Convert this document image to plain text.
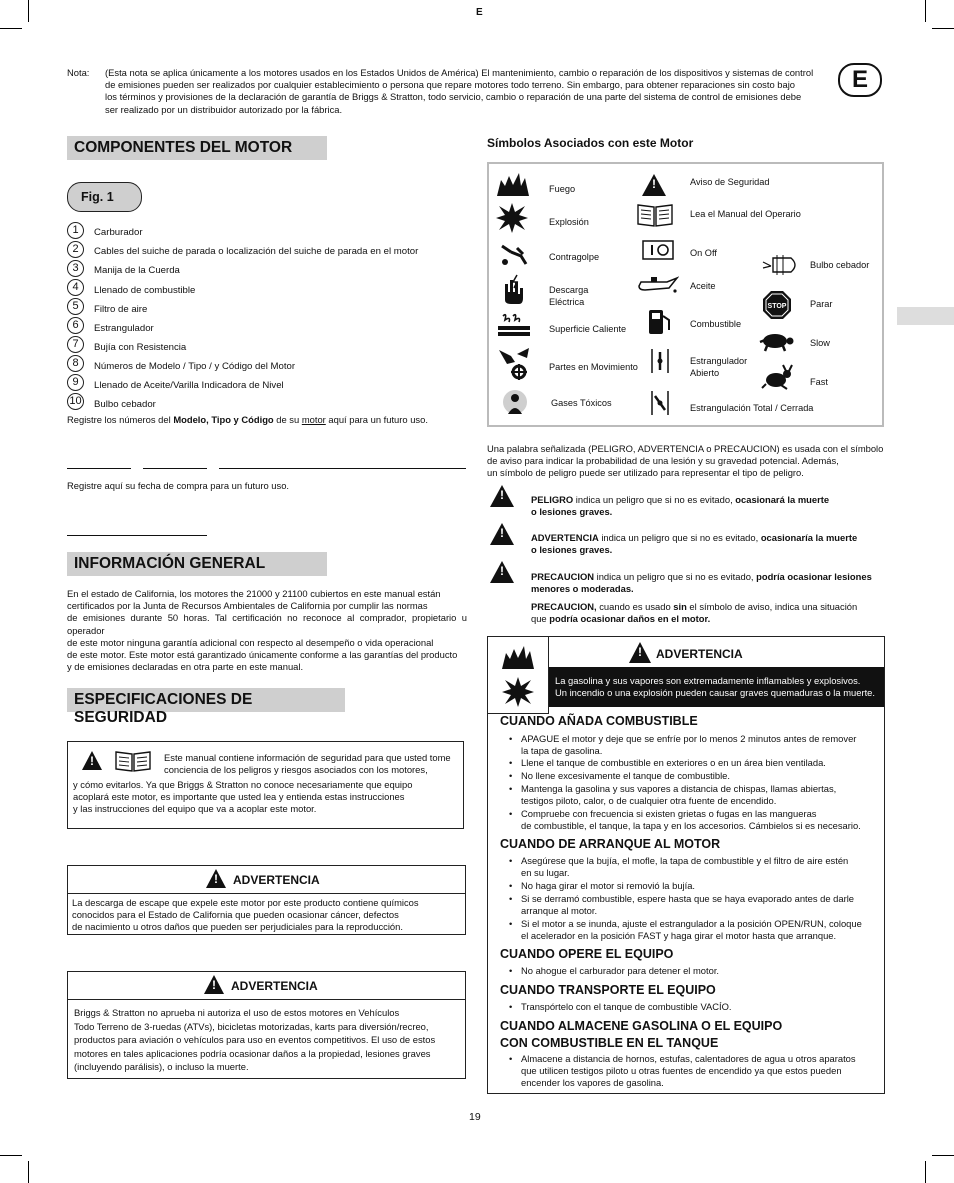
E
Nota: (Esta nota se aplica únicamente a los motores usados en los Estados Unidos de América) El mantenimiento, cambio o reparación de los dispositivos y sistemas de control
de emisiones pueden ser realizados por cualquier establecimiento o persona que repare motores todo terreno. Sin embargo, para obtener reparaciones sin costo bajo
los términos y provisiones de la declaración de garantía de Briggs & Stratton, todo servicio, cambio o reparación de una parte del sistema de control de emisiones debe
ser realizado por un distribuidor autorizado por la fábrica.
E
COMPONENTES DEL MOTOR
Fig. 1
1	Carburador
2	Cables del suiche de parada o localización del suiche de parada en el motor
3	Manija de la Cuerda
4	Llenado de combustible
5	Filtro de aire
6	Estrangulador
7	Bujía con Resistencia
8	Números de Modelo / Tipo / y Código del Motor
9	Llenado de Aceite/Varilla Indicadora de Nivel
10 Bulbo cebador
Registre los números del Modelo, Tipo y Código de su motor aquí para un futuro uso.
Registre aquí su fecha de compra para un futuro uso.
INFORMACIÓN GENERAL
En el estado de California, los motores the 21000 y 21100 cubiertos en este manual están
certificados por la Junta de Recursos Ambientales de California por cumplir las normas
de emisiones durante 50 horas. Tal certificación no reconoce al comprador, propietario u operador
de este motor ninguna garantía adicional con respecto al desempeño o vida operacional
de este motor. Este motor está garantizado únicamente conforme a las garantías del producto
y de emisiones declaradas en otra parte en este manual.
ESPECIFICACIONES DE SEGURIDAD
!
Este manual contiene información de seguridad para que usted tome
conciencia de los peligros y riesgos asociados con los motores,
y cómo evitarlos. Ya que Briggs & Stratton no conoce necesariamente que equipo
acoplará este motor, es importante que usted lea y entienda estas instrucciones
y las instrucciones del equipo que va a acoplar este motor.
!
ADVERTENCIA
La descarga de escape que expele este motor por este producto contiene químicos
conocidos para el Estado de California que pueden ocasionar cáncer, defectos
de nacimiento u otros daños que pueden ser perjudiciales para la reproducción.
!
ADVERTENCIA
Briggs & Stratton no aprueba ni autoriza el uso de estos motores en Vehículos
Todo Terreno de 3-ruedas (ATVs), bicicletas motorizadas, karts para diversión/recreo,
productos para aviación o vehículos para uso en eventos competitivos. El uso de estos
motores en tales aplicaciones podría ocasionar daños a la propiedad, lesiones graves
(incluyendo parálisis), o incluso la muerte.
Símbolos Asociados con este Motor
Fuego
Explosión
Contragolpe
Descarga Eléctrica
Superficie Caliente
Partes en Movimiento
Gases Tóxicos
!
Aviso de Seguridad
Lea el Manual del Operario
On Off
Aceite
Combustible
Estrangulador Abierto
Estrangulación Total / Cerrada
STOP
Bulbo cebador
Parar
Slow
Fast
Una palabra señalizada (PELIGRO, ADVERTENCIA o PRECAUCION) es usada con el símbolo
de aviso para indicar la probabilidad de una lesión y su gravedad potencial. Además,
un símbolo de peligro puede ser utilizado para representar el tipo de peligro.
!
PELIGRO indica un peligro que si no es evitado, ocasionará la muerte
o lesiones graves.
!
ADVERTENCIA indica un peligro que si no es evitado, ocasionaría la muerte
o lesiones graves.
!
PRECAUCION indica un peligro que si no es evitado, podría ocasionar lesiones
menores o moderadas.
PRECAUCION, cuando es usado sin el símbolo de aviso, indica una situación
que podría ocasionar daños en el motor.
!
ADVERTENCIA
La gasolina y sus vapores son extremadamente inflamables y explosivos.
Un incendio o una explosión pueden causar graves quemaduras o la muerte.
CUANDO AÑADA COMBUSTIBLE
• APAGUE el motor y deje que se enfríe por lo menos 2 minutos antes de remover
la tapa de gasolina.
• Llene el tanque de combustible en exteriores o en un área bien ventilada.
• No llene excesivamente el tanque de combustible.
• Mantenga la gasolina y sus vapores a distancia de chispas, llamas abiertas,
testigos piloto, calor, o de cualquier otra fuente de encendido.
• Compruebe con frecuencia si existen grietas o fugas en las mangueras
de combustible, el tanque, la tapa y en los accesorios. Cámbielos si es necesario.
CUANDO DE ARRANQUE AL MOTOR
• Asegúrese que la bujía, el mofle, la tapa de combustible y el filtro de aire estén
en su lugar.
• No haga girar el motor si removió la bujía.
• Si se derramó combustible, espere hasta que se haya evaporado antes de darle
arranque al motor.
• Si el motor a se inunda, ajuste el estrangulador a la posición OPEN/RUN, coloque
el acelerador en la posición FAST y haga girar el motor hasta que arranque.
CUANDO OPERE EL EQUIPO
• No ahogue el carburador para detener el motor.
CUANDO TRANSPORTE EL EQUIPO
• Transpórtelo con el tanque de combustible VACÍO.
CUANDO ALMACENE GASOLINA O EL EQUIPO
CON COMBUSTIBLE EN EL TANQUE
• Almacene a distancia de hornos, estufas, calentadores de agua u otros aparatos
que utilicen testigos piloto u otras fuentes de encendido ya que estos pueden
encender los vapores de gasolina.
19
